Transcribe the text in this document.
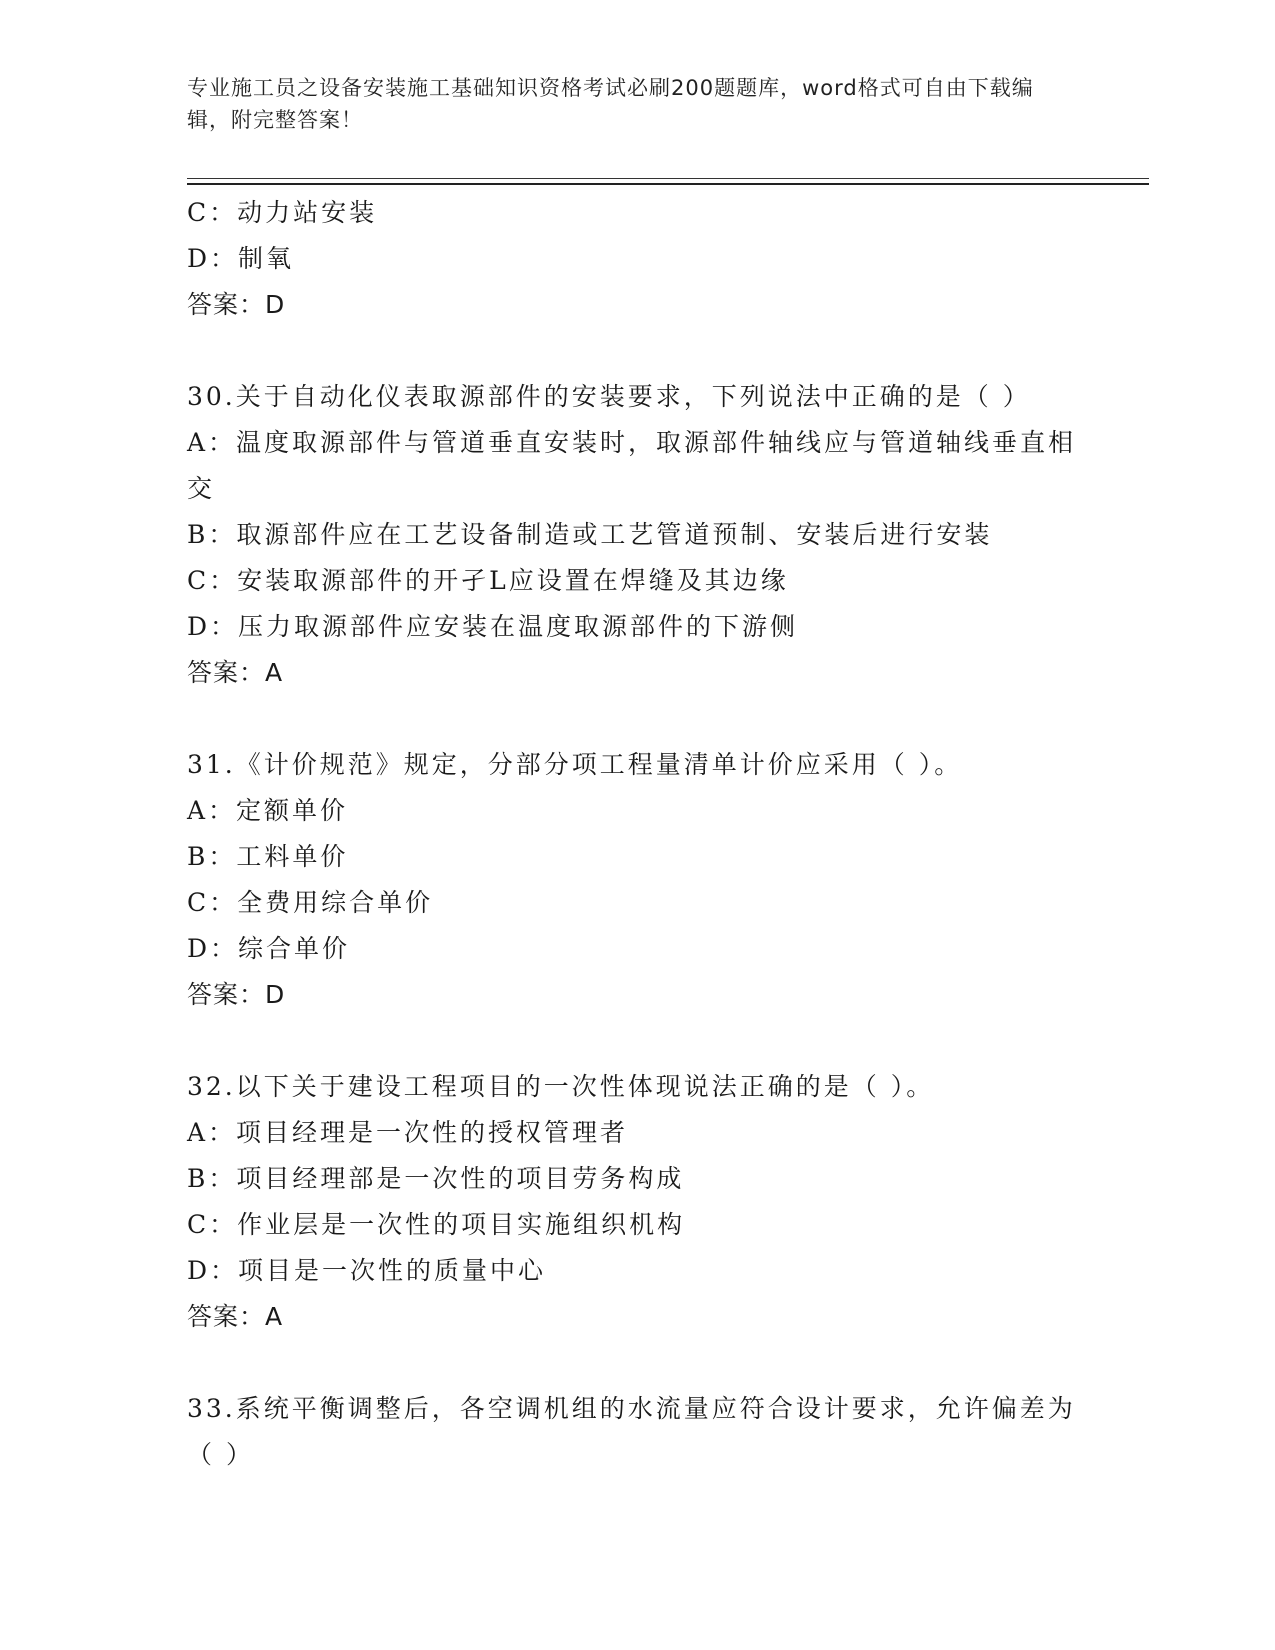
专业施工员之设备安装施工基础知识资格考试必刷200题题库，word格式可自由下载编辑，附完整答案！

C：动力站安装

D：制氧

答案：D

30.关于自动化仪表取源部件的安装要求，下列说法中正确的是（ ）

A：温度取源部件与管道垂直安装时，取源部件轴线应与管道轴线垂直相交

B：取源部件应在工艺设备制造或工艺管道预制、安装后进行安装

C：安装取源部件的开孑L应设置在焊缝及其边缘

D：压力取源部件应安装在温度取源部件的下游侧

答案：A

31.《计价规范》规定，分部分项工程量清单计价应采用（ ）。

A：定额单价

B：工料单价

C：全费用综合单价

D：综合单价

答案：D

32.以下关于建设工程项目的一次性体现说法正确的是（ ）。

A：项目经理是一次性的授权管理者

B：项目经理部是一次性的项目劳务构成

C：作业层是一次性的项目实施组织机构

D：项目是一次性的质量中心

答案：A

33.系统平衡调整后，各空调机组的水流量应符合设计要求，允许偏差为（ ）
